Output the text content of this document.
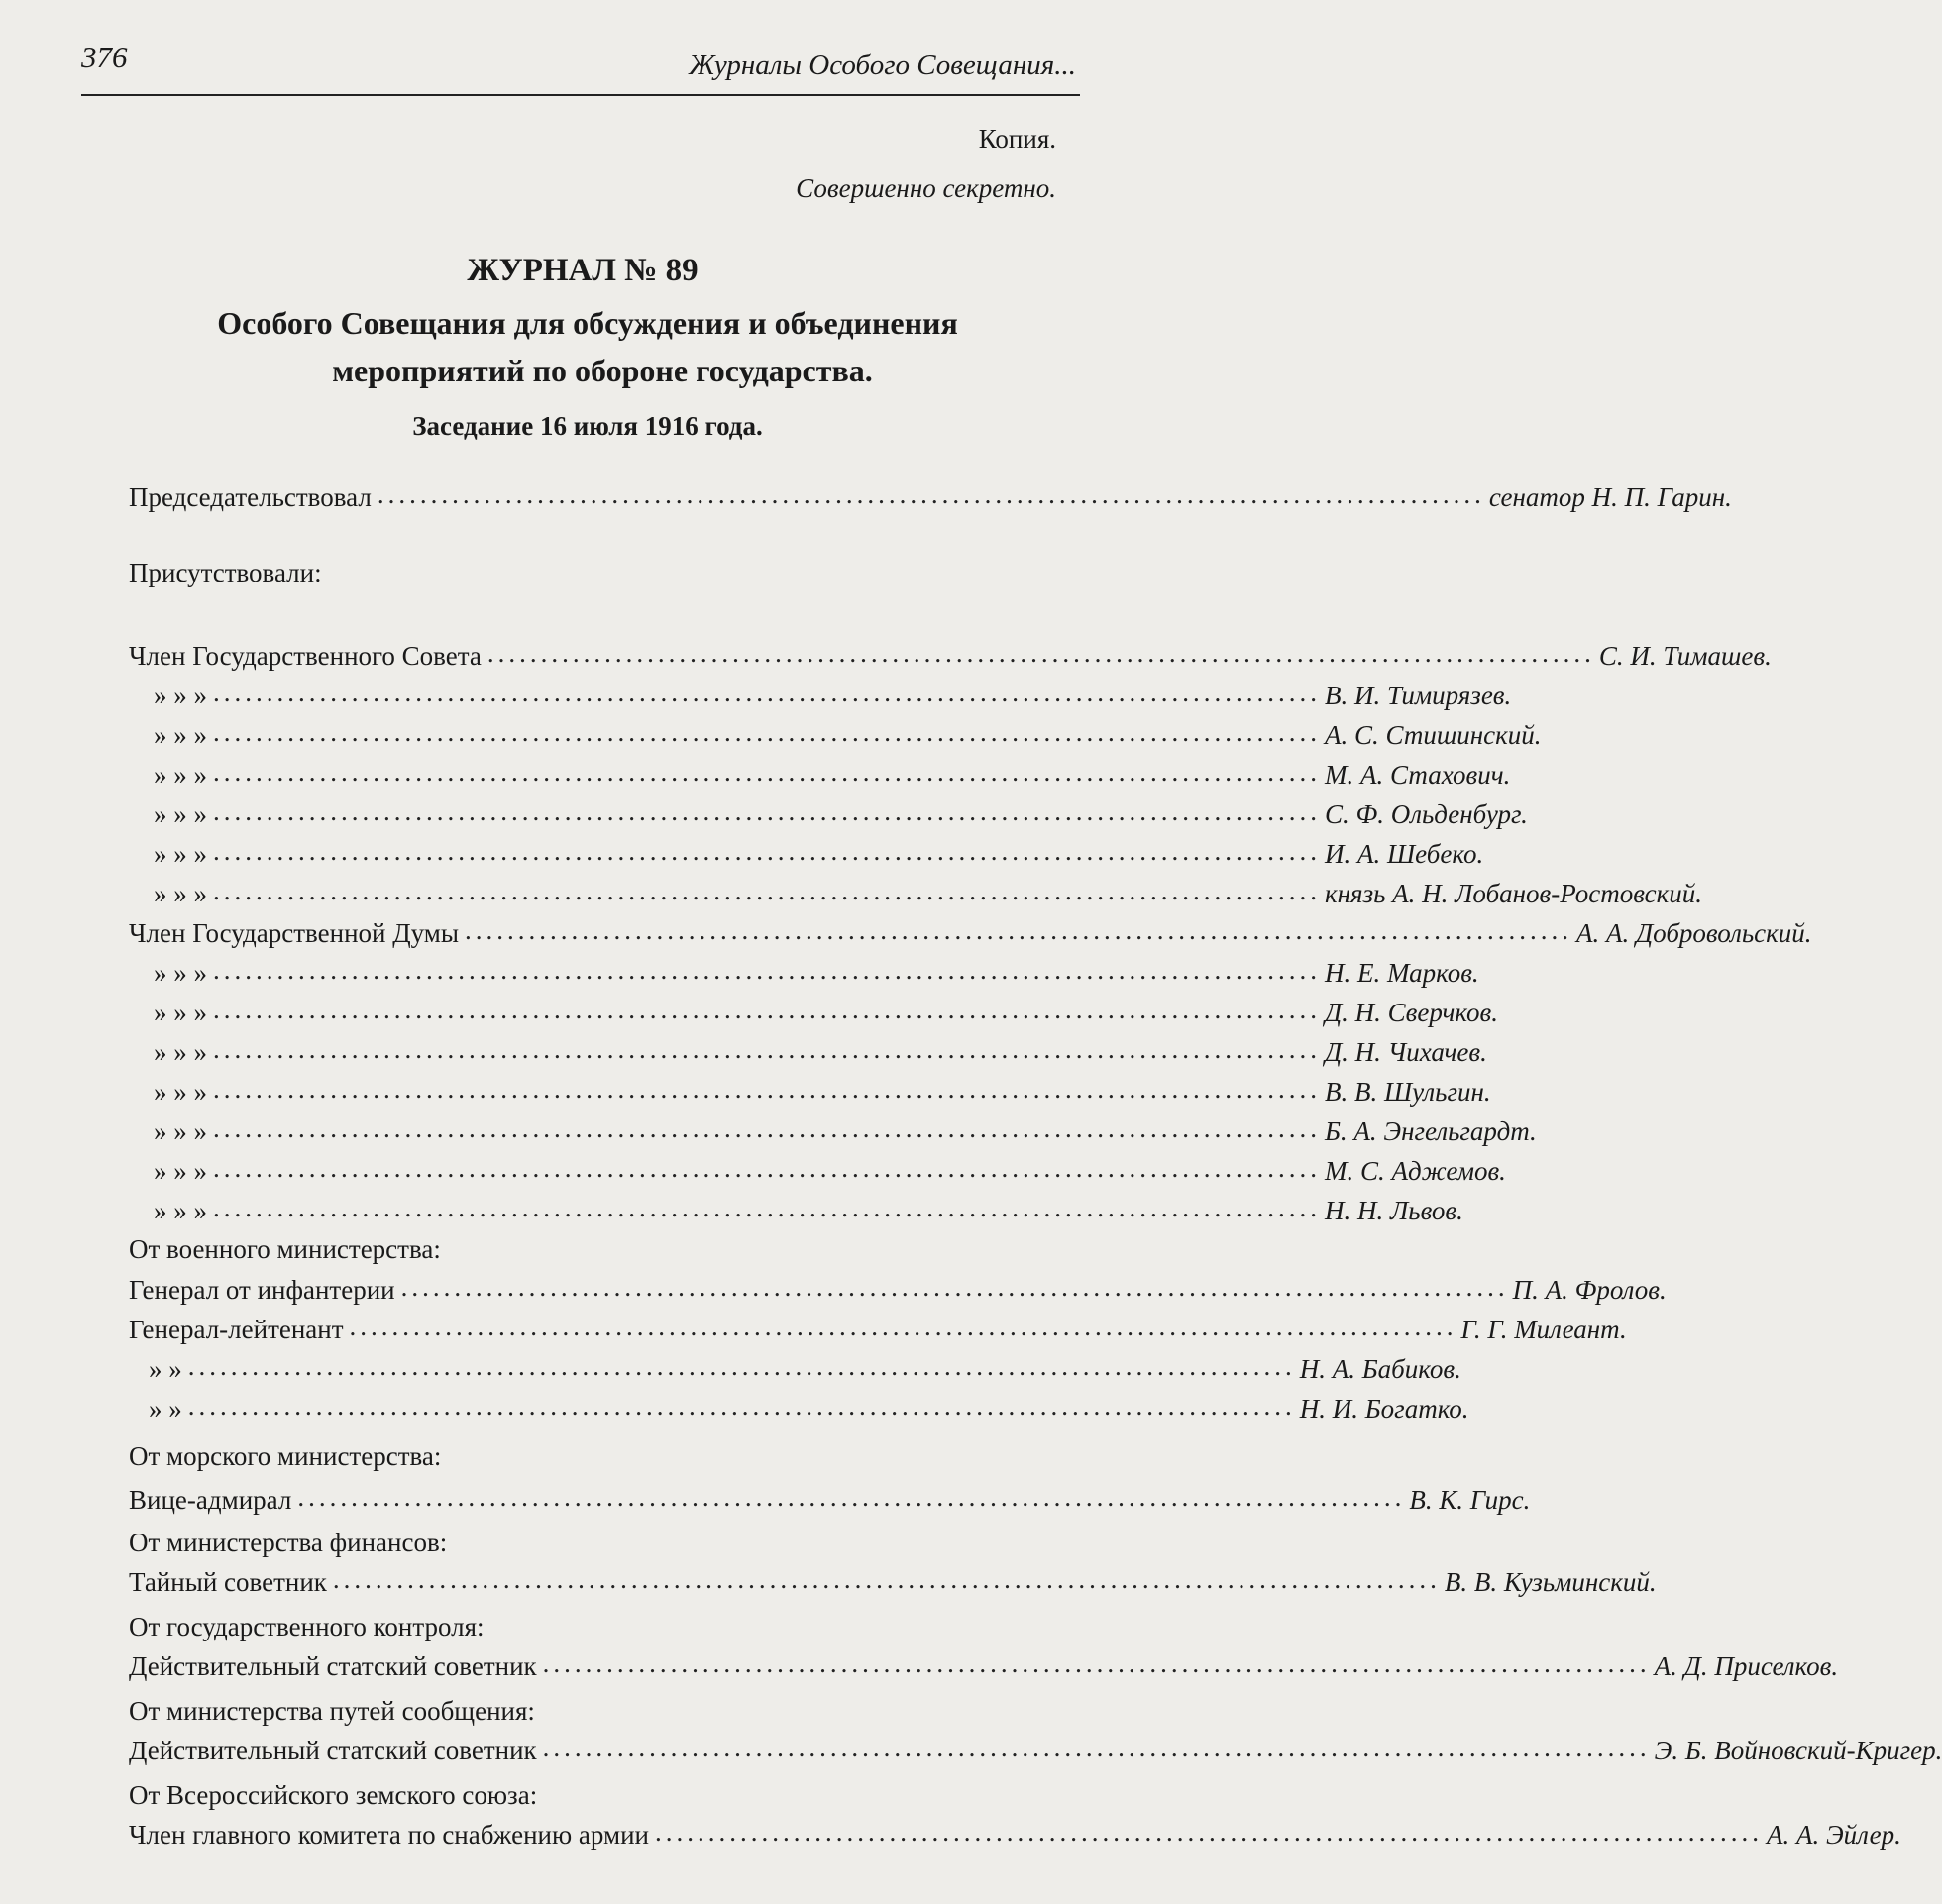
376	Журналы Особого Совещания...
Копия.
Совершенно секретно.
ЖУРНАЛ № 89
Особого Совещания для обсуждения и объединения
мероприятий по обороне государства.
Заседание 16 июля 1916 года.
Председательствовал ........................................................................................................ сенатор Н. П. Гарин.
Присутствовали:
Член Государственного Совета ........................................................................................................ С. И. Тимашев.
» » » ........................................................................................................ В. И. Тимирязев.
» » » ........................................................................................................ А. С. Стишинский.
» » » ........................................................................................................ М. А. Стахович.
» » » ........................................................................................................ С. Ф. Ольденбург.
» » » ........................................................................................................ И. А. Шебеко.
» » » ........................................................................................................ князь А. Н. Лобанов-Ростовский.
Член Государственной Думы ........................................................................................................ А. А. Добровольский.
» » » ........................................................................................................ Н. Е. Марков.
» » » ........................................................................................................ Д. Н. Сверчков.
» » » ........................................................................................................ Д. Н. Чихачев.
» » » ........................................................................................................ В. В. Шульгин.
» » » ........................................................................................................ Б. А. Энгельгардт.
» » » ........................................................................................................ М. С. Аджемов.
» » » ........................................................................................................ Н. Н. Львов.
От военного министерства:
Генерал от инфантерии ........................................................................................................ П. А. Фролов.
Генерал-лейтенант ........................................................................................................ Г. Г. Милеант.
» » ........................................................................................................ Н. А. Бабиков.
» » ........................................................................................................ Н. И. Богатко.
От морского министерства:
Вице-адмирал ........................................................................................................ В. К. Гирс.
От министерства финансов:
Тайный советник ........................................................................................................ В. В. Кузьминский.
От государственного контроля:
Действительный статский советник ........................................................................................................ А. Д. Приселков.
От министерства путей сообщения:
Действительный статский советник ........................................................................................................ Э. Б. Войновский-Кригер.
От Всероссийского земского союза:
Член главного комитета по снабжению армии ........................................................................................................ А. А. Эйлер.
